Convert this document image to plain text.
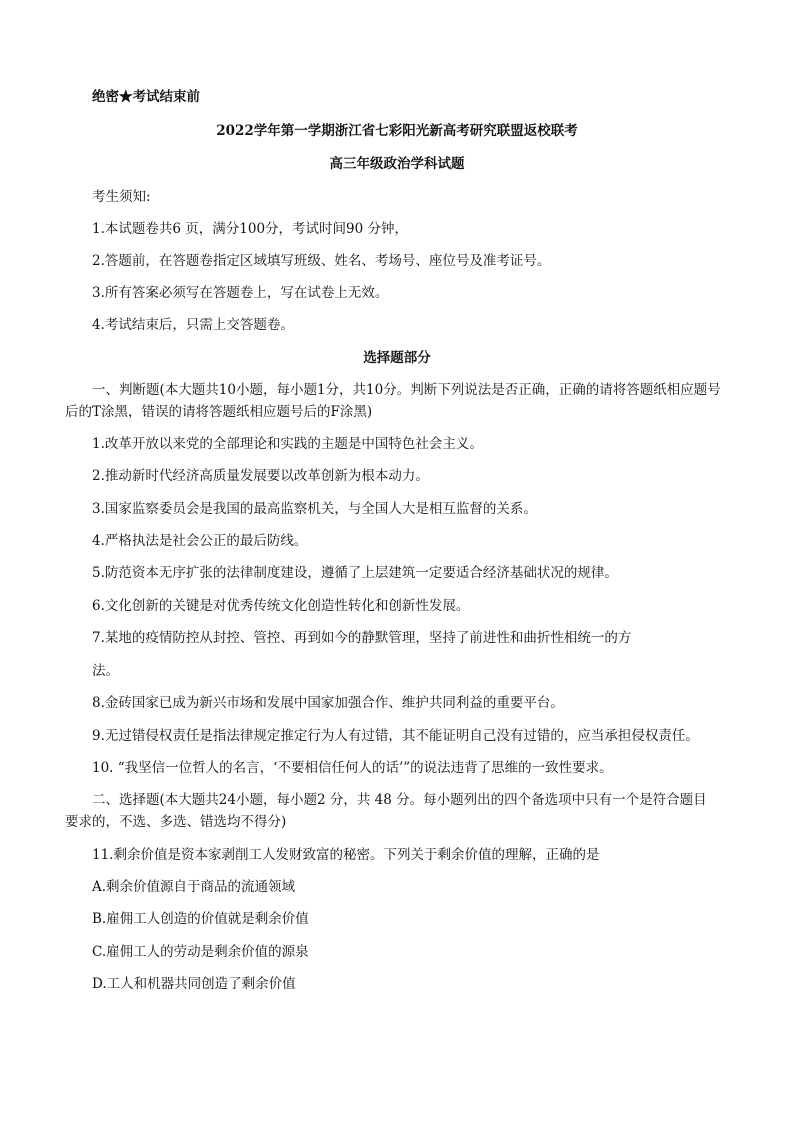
绝密★考试结束前
2022学年第一学期浙江省七彩阳光新高考研究联盟返校联考
高三年级政治学科试题
考生须知:
1.本试题卷共6 页，满分100分，考试时间90 分钟，
2.答题前，在答题卷指定区域填写班级、姓名、考场号、座位号及准考证号。
3.所有答案必须写在答题卷上，写在试卷上无效。
4.考试结束后，只需上交答题卷。
选择题部分
一、判断题(本大题共10小题，每小题1分，共10分。判断下列说法是否正确，正确的请将答题纸相应题号
后的T涂黑，错误的请将答题纸相应题号后的F涂黑)
1.改革开放以来党的全部理论和实践的主题是中国特色社会主义。
2.推动新时代经济高质量发展要以改革创新为根本动力。
3.国家监察委员会是我国的最高监察机关，与全国人大是相互监督的关系。
4.严格执法是社会公正的最后防线。
5.防范资本无序扩张的法律制度建设，遵循了上层建筑一定要适合经济基础状况的规律。
6.文化创新的关键是对优秀传统文化创造性转化和创新性发展。
7.某地的疫情防控从封控、管控、再到如今的静默管理，坚持了前进性和曲折性相统一的方
法。
8.金砖国家已成为新兴市场和发展中国家加强合作、维护共同利益的重要平台。
9.无过错侵权责任是指法律规定推定行为人有过错，其不能证明自己没有过错的，应当承担侵权责任。
10. “我坚信一位哲人的名言，‘不要相信任何人的话’”的说法违背了思维的一致性要求。
二、选择题(本大题共24小题，每小题2 分，共 48 分。每小题列出的四个备选项中只有一个是符合题目
要求的，不选、多选、错选均不得分)
11.剩余价值是资本家剥削工人发财致富的秘密。下列关于剩余价值的理解，正确的是
A.剩余价值源自于商品的流通领域
B.雇佣工人创造的价值就是剩余价值
C.雇佣工人的劳动是剩余价值的源泉
D.工人和机器共同创造了剩余价值
